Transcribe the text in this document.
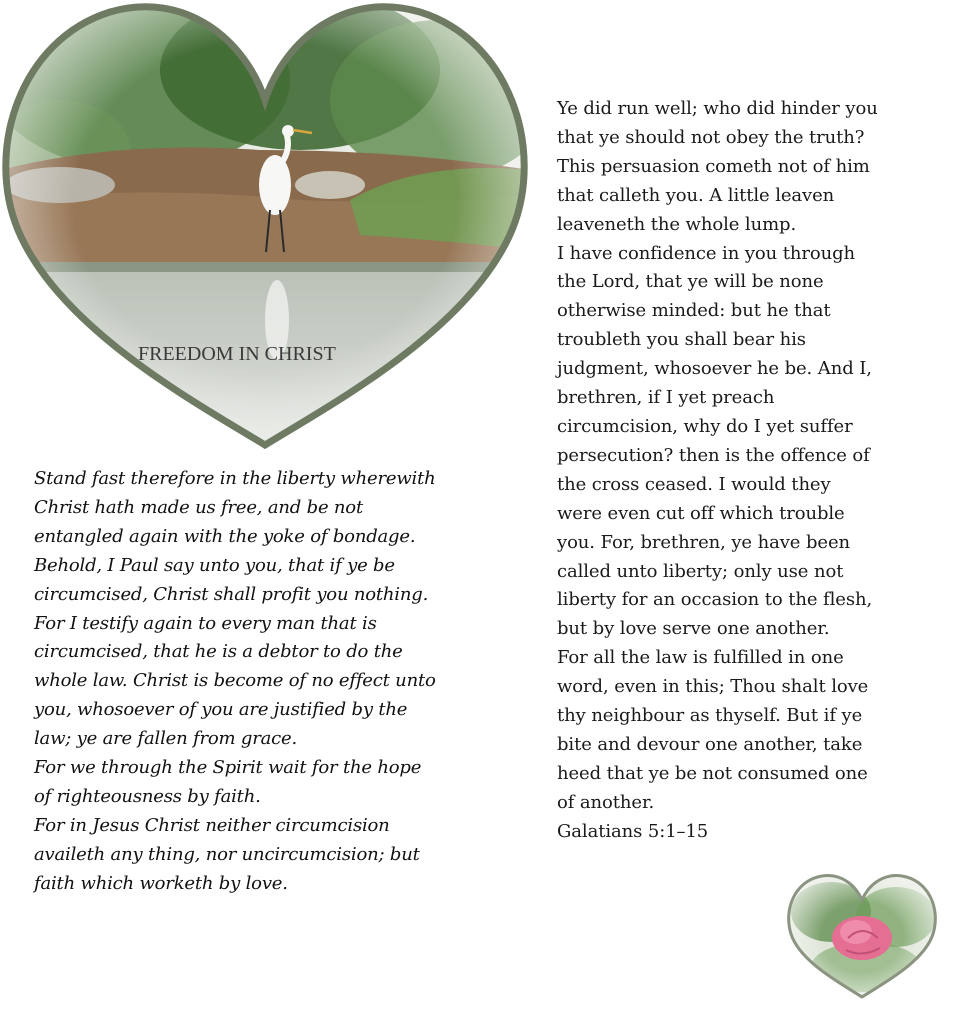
FREEDOM IN CHRIST
Stand fast therefore in the liberty wherewith Christ hath made us free, and be not entangled again with the yoke of bondage. Behold, I Paul say unto you, that if ye be circumcised, Christ shall profit you nothing. For I testify again to every man that is circumcised, that he is a debtor to do the whole law. Christ is become of no effect unto you, whosoever of you are justified by the law; ye are fallen from grace.
For we through the Spirit wait for the hope of righteousness by faith.
For in Jesus Christ neither circumcision availeth any thing, nor uncircumcision; but faith which worketh by love.
Ye did run well; who did hinder you that ye should not obey the truth? This persuasion cometh not of him that calleth you. A little leaven leaveneth the whole lump.
I have confidence in you through the Lord, that ye will be none otherwise minded: but he that troubleth you shall bear his judgment, whosoever he be. And I, brethren, if I yet preach circumcision, why do I yet suffer persecution? then is the offence of the cross ceased. I would they were even cut off which trouble you. For, brethren, ye have been called unto liberty; only use not liberty for an occasion to the flesh, but by love serve one another.
For all the law is fulfilled in one word, even in this; Thou shalt love thy neighbour as thyself. But if ye bite and devour one another, take heed that ye be not consumed one of another.
Galatians 5:1–15
